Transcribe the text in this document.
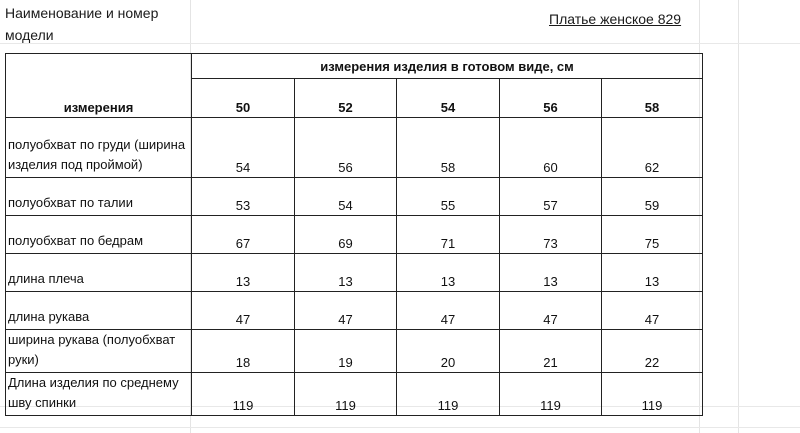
Наименование и номер модели
Платье женское 829
измерения	измерения изделия в готовом виде, см				
	50	52	54	56	58
полуобхват по груди (ширина изделия под проймой)	54	56	58	60	62
полуобхват по талии	53	54	55	57	59
полуобхват по бедрам	67	69	71	73	75
длина плеча	13	13	13	13	13
длина рукава	47	47	47	47	47
ширина рукава (полуобхват руки)	18	19	20	21	22
Длина изделия по среднему шву спинки	119	119	119	119	119
